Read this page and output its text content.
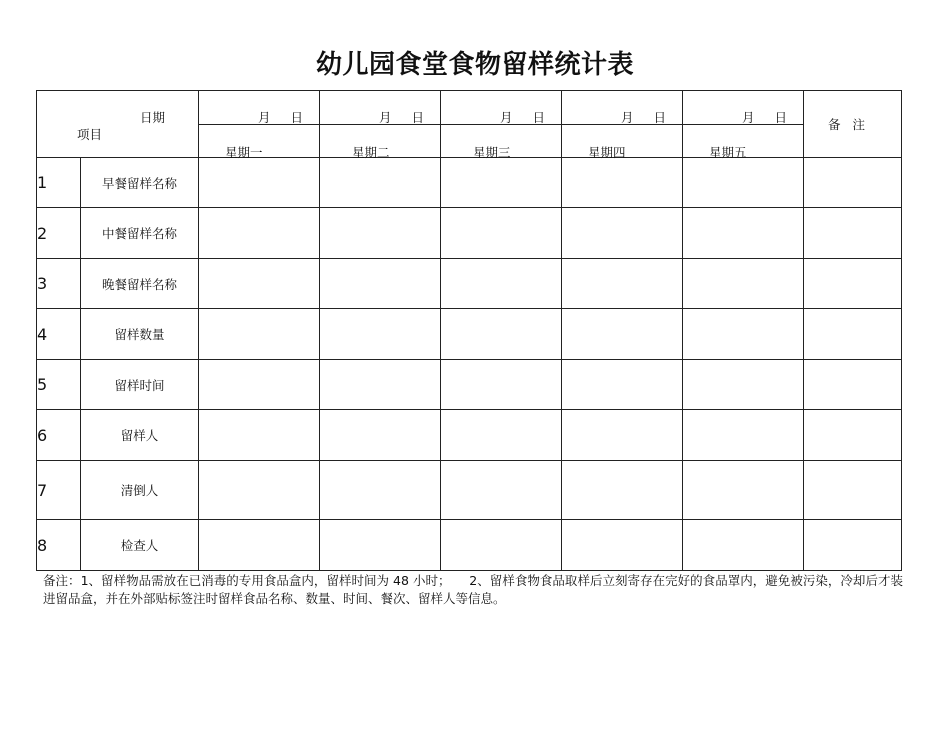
幼儿园食堂食物留样统计表
日期
项目		月 日	月 日	月 日	月 日	月 日	备注

		星期一	星期二	星期三	星期四	星期五	

1	早餐留样名称						
2	中餐留样名称						
3	晚餐留样名称						
4	留样数量						
5	留样时间						
6	留样人						
7	清倒人						
8	检查人						
备注：1、留样物品需放在已消毒的专用食品盒内，留样时间为 48 小时；　　2、留样食物食品取样后立刻寄存在完好的食品罩内，避免被污染，冷却后才装进留品盒，并在外部贴标签注时留样食品名称、数量、时间、餐次、留样人等信息。
